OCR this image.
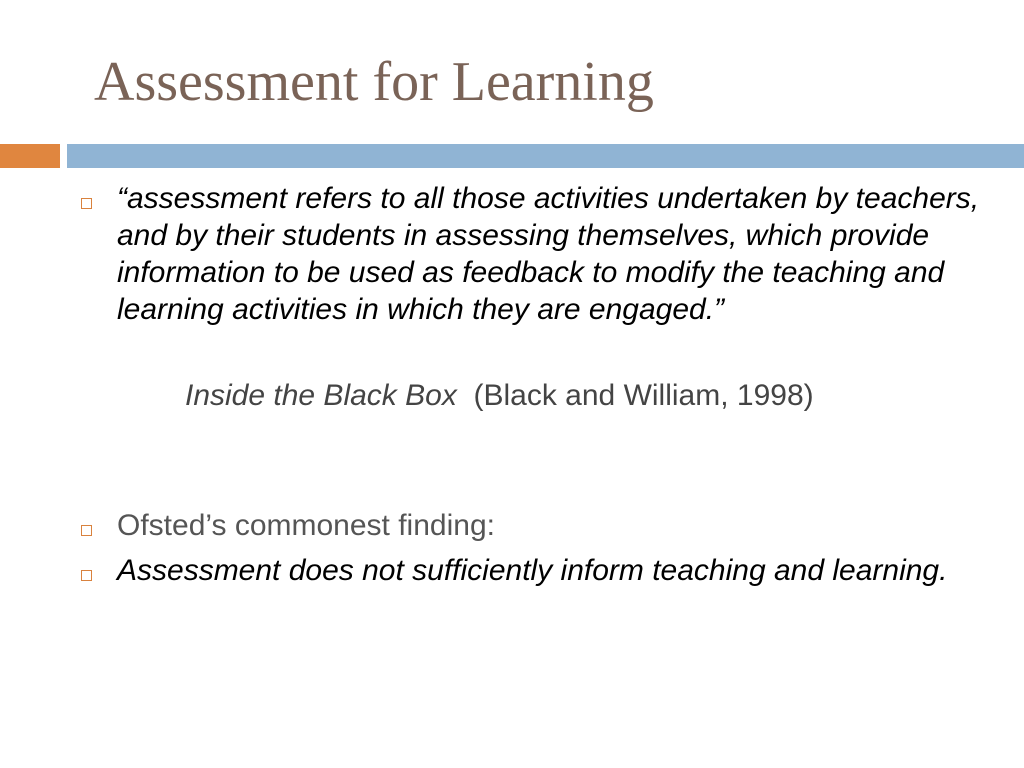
Assessment for Learning

“assessment refers to all those activities undertaken by teachers, and by their students in assessing themselves, which provide information to be used as feedback to modify the teaching and learning activities in which they are engaged.”

Inside the Black Box (Black and William, 1998)

Ofsted’s commonest finding:

Assessment does not sufficiently inform teaching and learning.
